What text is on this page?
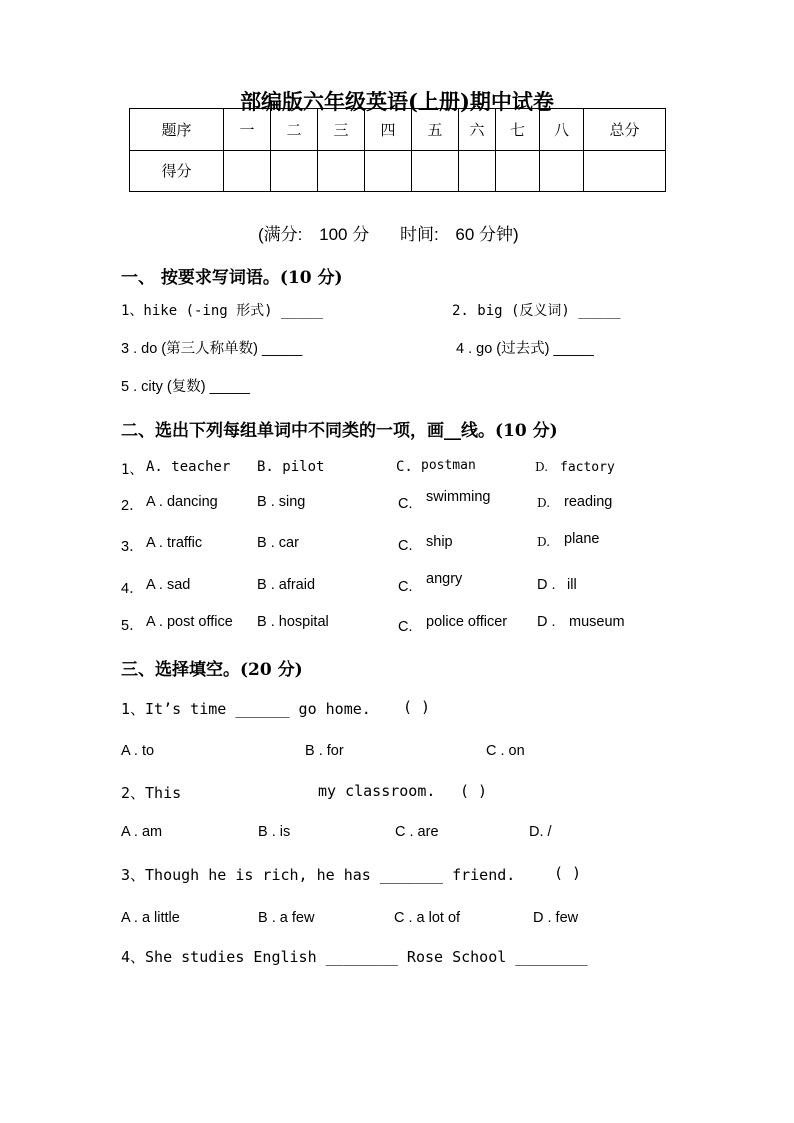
部编版六年级英语(上册)期中试卷
题序	一	二	三	四	五	六	七	八	总分
得分									
(满分: 100 分 时间: 60 分钟)
一、 按要求写词语。(10 分)
1、hike (-ing 形式) _____	2. big (反义词) _____
3 . do (第三人称单数) _____	4 . go (过去式) _____
5 . city (复数) _____
二、选出下列每组单词中不同类的一项，画__线。(10 分)
1、 A. teacher B. pilot	C. postman	D. factory
2． A . dancing	B . sing	C. swimming	D. reading
3． A . traffic	B . car	C. ship	D. plane
4． A . sad	B . afraid	C. angry	D . ill
5． A . post office B . hospital	C. police officer D . museum
三、选择填空。(20 分)
1、It’s time ______ go home. ( )
A . to	B . for	C . on
2、This	my classroom. ( )
A . am	B . is	C . are	D. /
3、Though he is rich, he has _______ friend.	( )
A . a little	B . a few	C . a lot of	D . few
4、She studies English ________ Rose School ________
